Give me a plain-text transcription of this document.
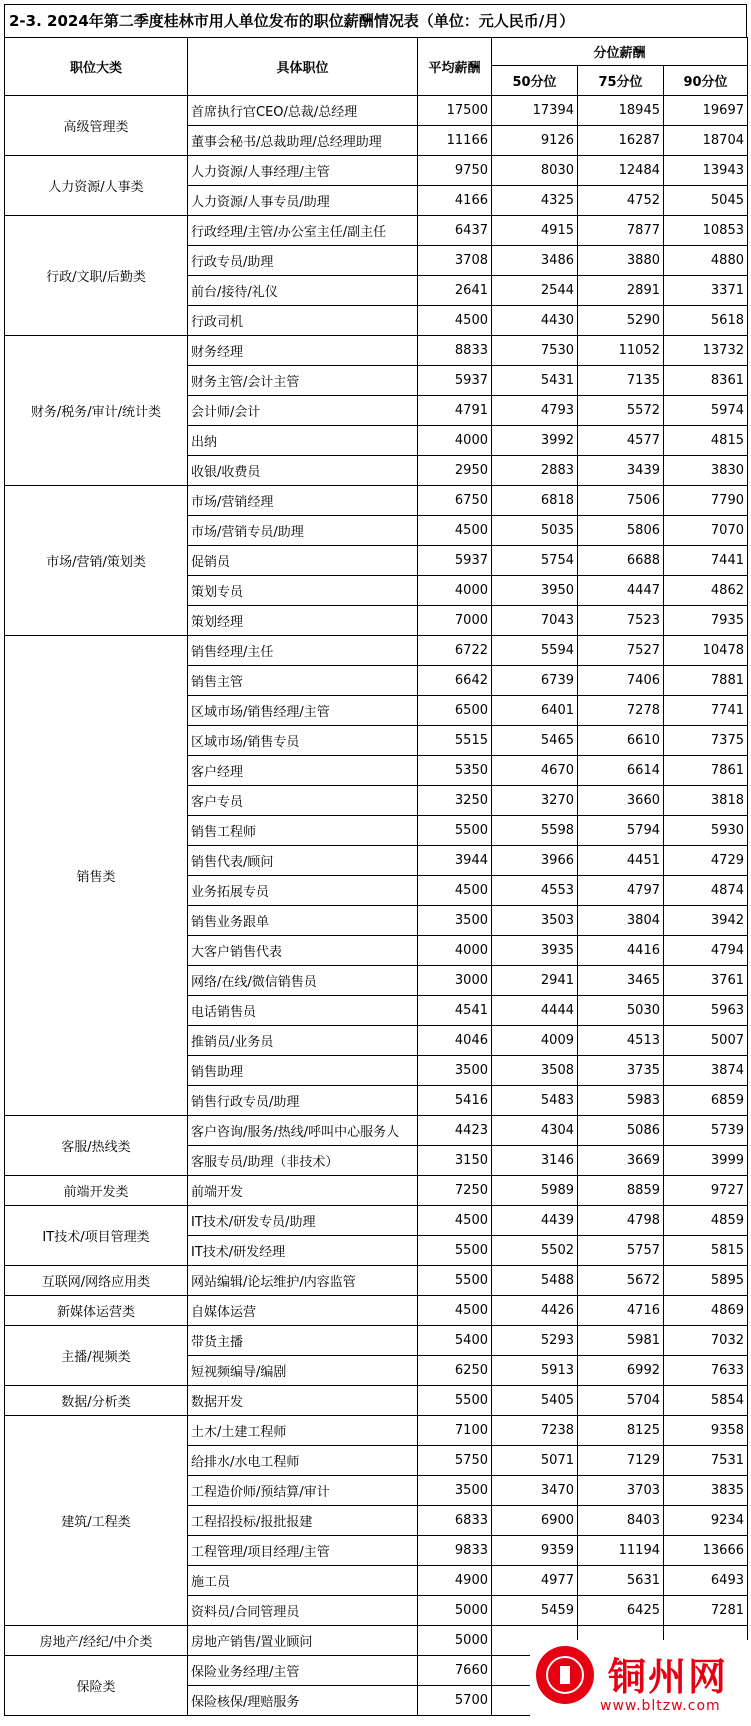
2-3. 2024年第二季度桂林市用人单位发布的职位薪酬情况表（单位：元人民币/月）
职位大类	具体职位	平均薪酬	分位薪酬		
			50分位	75分位	90分位
高级管理类	首席执行官CEO/总裁/总经理	17500	17394	18945	19697
	董事会秘书/总裁助理/总经理助理	11166	9126	16287	18704
人力资源/人事类	人力资源/人事经理/主管	9750	8030	12484	13943
	人力资源/人事专员/助理	4166	4325	4752	5045
行政/文职/后勤类	行政经理/主管/办公室主任/副主任	6437	4915	7877	10853
	行政专员/助理	3708	3486	3880	4880
	前台/接待/礼仪	2641	2544	2891	3371
	行政司机	4500	4430	5290	5618
财务/税务/审计/统计类	财务经理	8833	7530	11052	13732
	财务主管/会计主管	5937	5431	7135	8361
	会计师/会计	4791	4793	5572	5974
	出纳	4000	3992	4577	4815
	收银/收费员	2950	2883	3439	3830
市场/营销/策划类	市场/营销经理	6750	6818	7506	7790
	市场/营销专员/助理	4500	5035	5806	7070
	促销员	5937	5754	6688	7441
	策划专员	4000	3950	4447	4862
	策划经理	7000	7043	7523	7935
销售类	销售经理/主任	6722	5594	7527	10478
	销售主管	6642	6739	7406	7881
	区域市场/销售经理/主管	6500	6401	7278	7741
	区域市场/销售专员	5515	5465	6610	7375
	客户经理	5350	4670	6614	7861
	客户专员	3250	3270	3660	3818
	销售工程师	5500	5598	5794	5930
	销售代表/顾问	3944	3966	4451	4729
	业务拓展专员	4500	4553	4797	4874
	销售业务跟单	3500	3503	3804	3942
	大客户销售代表	4000	3935	4416	4794
	网络/在线/微信销售员	3000	2941	3465	3761
	电话销售员	4541	4444	5030	5963
	推销员/业务员	4046	4009	4513	5007
	销售助理	3500	3508	3735	3874
	销售行政专员/助理	5416	5483	5983	6859
客服/热线类	客户咨询/服务/热线/呼叫中心服务人	4423	4304	5086	5739
	客服专员/助理（非技术）	3150	3146	3669	3999
前端开发类	前端开发	7250	5989	8859	9727
IT技术/项目管理类	IT技术/研发专员/助理	4500	4439	4798	4859
	IT技术/研发经理	5500	5502	5757	5815
互联网/网络应用类	网站编辑/论坛维护/内容监管	5500	5488	5672	5895
新媒体运营类	自媒体运营	4500	4426	4716	4869
主播/视频类	带货主播	5400	5293	5981	7032
	短视频编导/编剧	6250	5913	6992	7633
数据/分析类	数据开发	5500	5405	5704	5854
建筑/工程类	土木/土建工程师	7100	7238	8125	9358
	给排水/水电工程师	5750	5071	7129	7531
	工程造价师/预结算/审计	3500	3470	3703	3835
	工程招投标/报批报建	6833	6900	8403	9234
	工程管理/项目经理/主管	9833	9359	11194	13666
	施工员	4900	4977	5631	6493
	资料员/合同管理员	5000	5459	6425	7281
房地产/经纪/中介类	房地产销售/置业顾问	5000			
保险类	保险业务经理/主管	7660			
	保险核保/理赔服务	5700			
铜州网
www.bltzw.com
